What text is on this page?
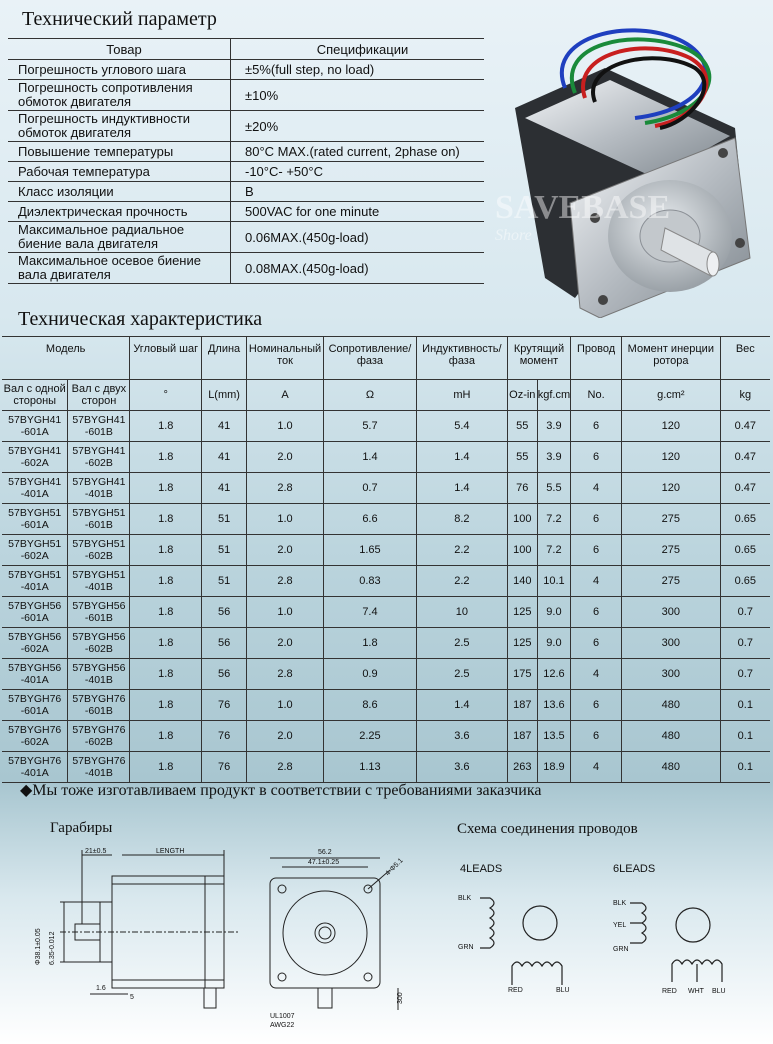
Технический параметр
Товар	Спецификации
Погрешность углового шага	±5%(full step, no load)
Погрешность сопротивления обмоток двигателя	±10%
Погрешность индуктивности обмоток двигателя	±20%
Повышение температуры	80°C MAX.(rated current, 2phase on)
Рабочая температура	-10°C- +50°C
Класс изоляции	B
Диэлектрическая прочность	500VAC for one minute
Максимальное радиальное биение вала двигателя	0.06MAX.(450g-load)
Максимальное осевое биение вала двигателя	0.08MAX.(450g-load)
SAVEBASE
Shore
Техническая характеристика
Модель		Угловый шаг	Длина	Номинальный ток	Сопротивление/ фаза	Индуктивность/ фаза	Крутящий момент		Провод	Момент инерции ротора	Вес
Вал с одной стороны	Вал с двух сторон	°	L(mm)	A	Ω	mH	Oz-in	kgf.cm	No.	g.cm²	kg
57BYGH41 -601A	57BYGH41 -601B	1.8	41	1.0	5.7	5.4	55	3.9	6	120	0.47
57BYGH41 -602A	57BYGH41 -602B	1.8	41	2.0	1.4	1.4	55	3.9	6	120	0.47
57BYGH41 -401A	57BYGH41 -401B	1.8	41	2.8	0.7	1.4	76	5.5	4	120	0.47
57BYGH51 -601A	57BYGH51 -601B	1.8	51	1.0	6.6	8.2	100	7.2	6	275	0.65
57BYGH51 -602A	57BYGH51 -602B	1.8	51	2.0	1.65	2.2	100	7.2	6	275	0.65
57BYGH51 -401A	57BYGH51 -401B	1.8	51	2.8	0.83	2.2	140	10.1	4	275	0.65
57BYGH56 -601A	57BYGH56 -601B	1.8	56	1.0	7.4	10	125	9.0	6	300	0.7
57BYGH56 -602A	57BYGH56 -602B	1.8	56	2.0	1.8	2.5	125	9.0	6	300	0.7
57BYGH56 -401A	57BYGH56 -401B	1.8	56	2.8	0.9	2.5	175	12.6	4	300	0.7
57BYGH76 -601A	57BYGH76 -601B	1.8	76	1.0	8.6	1.4	187	13.6	6	480	0.1
57BYGH76 -602A	57BYGH76 -602B	1.8	76	2.0	2.25	3.6	187	13.5	6	480	0.1
57BYGH76 -401A	57BYGH76 -401B	1.8	76	2.8	1.13	3.6	263	18.9	4	480	0.1
◆Мы тоже изготавливаем продукт в соответствии с требованиями заказчика
Гарабиры	Схема соединения проводов
21±0.5	LENGTH
Φ38.1±0.05 6.35-0.012
1.6
5
56.2
47.1±0.25	4-Φ5.1
300
UL1007
AWG22
4LEADS
BLK
GRN
RED	BLU
6LEADS
BLK
YEL
GRN
RED WHT BLU
